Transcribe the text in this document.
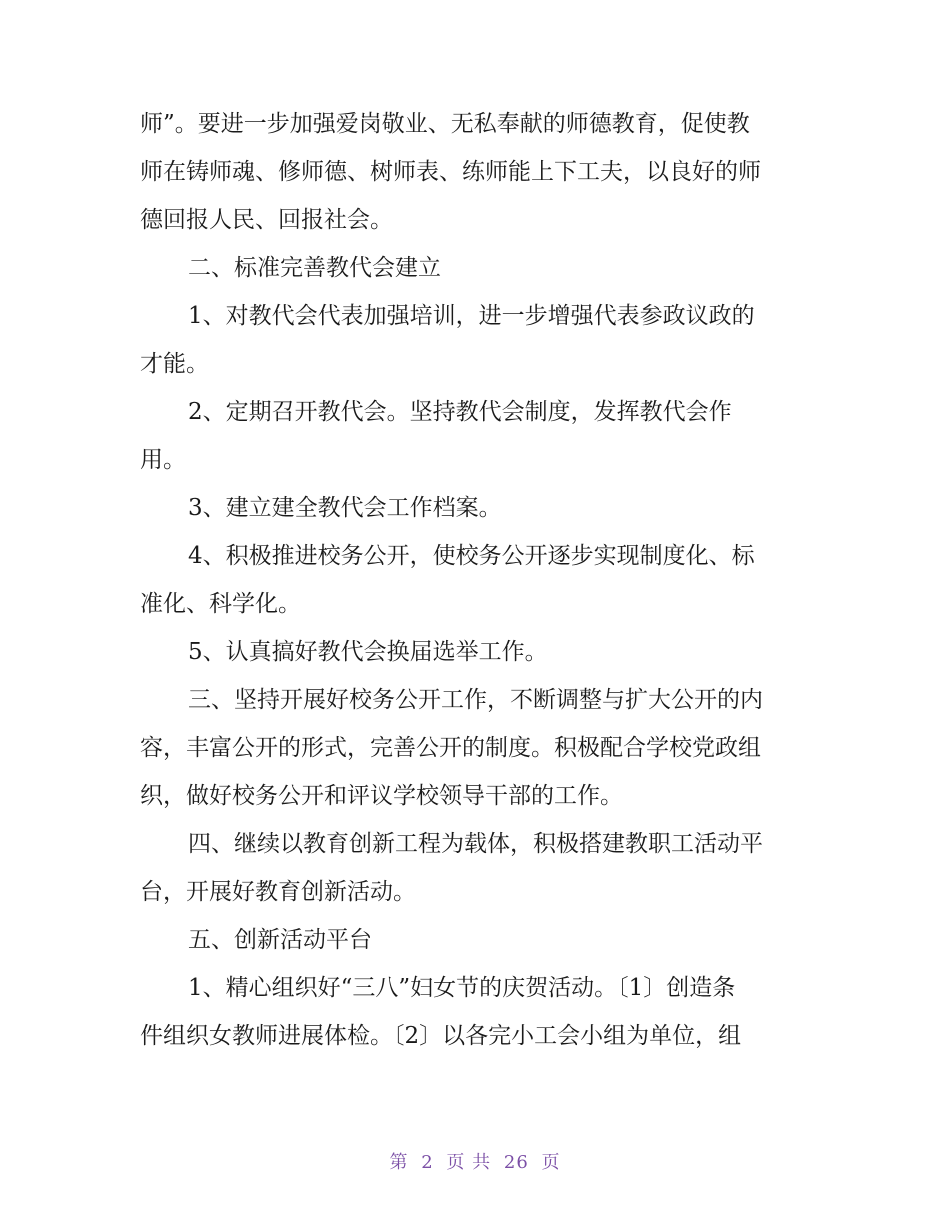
师”。要进一步加强爱岗敬业、无私奉献的师德教育，促使教

师在铸师魂、修师德、树师表、练师能上下工夫，以良好的师

德回报人民、回报社会。

二、标准完善教代会建立

1、对教代会代表加强培训，进一步增强代表参政议政的

才能。

2、定期召开教代会。坚持教代会制度，发挥教代会作

用。

3、建立建全教代会工作档案。

4、积极推进校务公开，使校务公开逐步实现制度化、标

准化、科学化。

5、认真搞好教代会换届选举工作。

三、坚持开展好校务公开工作，不断调整与扩大公开的内

容，丰富公开的形式，完善公开的制度。积极配合学校党政组

织，做好校务公开和评议学校领导干部的工作。

四、继续以教育创新工程为载体，积极搭建教职工活动平

台，开展好教育创新活动。

五、创新活动平台

1、精心组织好“三八”妇女节的庆贺活动。〔1〕创造条

件组织女教师进展体检。〔2〕以各完小工会小组为单位，组

第 2 页 共 26 页
